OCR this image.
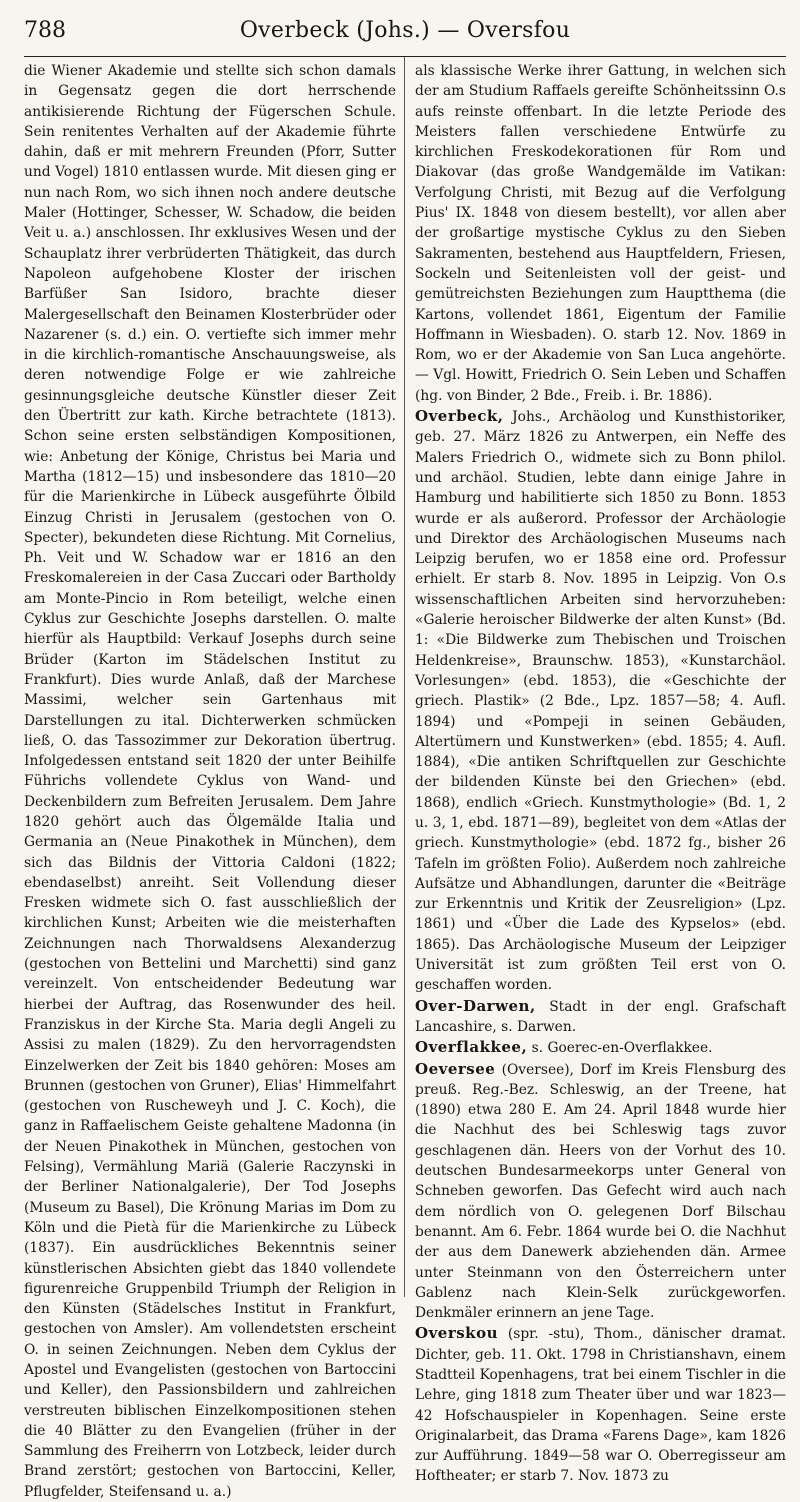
788	Overbeck (Johs.) — Oversfou

die Wiener Akademie und stellte sich schon damals in Gegensatz gegen die dort herrschende antikisierende Richtung der Fügerschen Schule. Sein renitentes Verhalten auf der Akademie führte dahin, daß er mit mehrern Freunden (Pforr, Sutter und Vogel) 1810 entlassen wurde. Mit diesen ging er nun nach Rom, wo sich ihnen noch andere deutsche Maler (Hottinger, Schesser, W. Schadow, die beiden Veit u. a.) anschlossen. Ihr exklusives Wesen und der Schauplatz ihrer verbrüderten Thätigkeit, das durch Napoleon aufgehobene Kloster der irischen Barfüßer San Isidoro, brachte dieser Malergesellschaft den Beinamen Klosterbrüder oder Nazarener (s. d.) ein. O. vertiefte sich immer mehr in die kirchlich-romantische Anschauungsweise, als deren notwendige Folge er wie zahlreiche gesinnungsgleiche deutsche Künstler dieser Zeit den Übertritt zur kath. Kirche betrachtete (1813). Schon seine ersten selbständigen Kompositionen, wie: Anbetung der Könige, Christus bei Maria und Martha (1812—15) und insbesondere das 1810—20 für die Marienkirche in Lübeck ausgeführte Ölbild Einzug Christi in Jerusalem (gestochen von O. Specter), bekundeten diese Richtung. Mit Cornelius, Ph. Veit und W. Schadow war er 1816 an den Freskomalereien in der Casa Zuccari oder Bartholdy am Monte-Pincio in Rom beteiligt, welche einen Cyklus zur Geschichte Josephs darstellen. O. malte hierfür als Hauptbild: Verkauf Josephs durch seine Brüder (Karton im Städelschen Institut zu Frankfurt). Dies wurde Anlaß, daß der Marchese Massimi, welcher sein Gartenhaus mit Darstellungen zu ital. Dichterwerken schmücken ließ, O. das Tassozimmer zur Dekoration übertrug. Infolgedessen entstand seit 1820 der unter Beihilfe Führichs vollendete Cyklus von Wand- und Deckenbildern zum Befreiten Jerusalem. Dem Jahre 1820 gehört auch das Ölgemälde Italia und Germania an (Neue Pinakothek in München), dem sich das Bildnis der Vittoria Caldoni (1822; ebendaselbst) anreiht. Seit Vollendung dieser Fresken widmete sich O. fast ausschließlich der kirchlichen Kunst; Arbeiten wie die meisterhaften Zeichnungen nach Thorwaldsens Alexanderzug (gestochen von Bettelini und Marchetti) sind ganz vereinzelt. Von entscheidender Bedeutung war hierbei der Auftrag, das Rosenwunder des heil. Franziskus in der Kirche Sta. Maria degli Angeli zu Assisi zu malen (1829). Zu den hervorragendsten Einzelwerken der Zeit bis 1840 gehören: Moses am Brunnen (gestochen von Gruner), Elias' Himmelfahrt (gestochen von Ruscheweyh und J. C. Koch), die ganz in Raffaelischem Geiste gehaltene Madonna (in der Neuen Pinakothek in München, gestochen von Felsing), Vermählung Mariä (Galerie Raczynski in der Berliner Nationalgalerie), Der Tod Josephs (Museum zu Basel), Die Krönung Marias im Dom zu Köln und die Pietà für die Marienkirche zu Lübeck (1837). Ein ausdrückliches Bekenntnis seiner künstlerischen Absichten giebt das 1840 vollendete figurenreiche Gruppenbild Triumph der Religion in den Künsten (Städelsches Institut in Frankfurt, gestochen von Amsler). Am vollendetsten erscheint O. in seinen Zeichnungen. Neben dem Cyklus der Apostel und Evangelisten (gestochen von Bartoccini und Keller), den Passionsbildern und zahlreichen verstreuten biblischen Einzelkompositionen stehen die 40 Blätter zu den Evangelien (früher in der Sammlung des Freiherrn von Lotzbeck, leider durch Brand zerstört; gestochen von Bartoccini, Keller, Pflugfelder, Steifensand u. a.)

als klassische Werke ihrer Gattung, in welchen sich der am Studium Raffaels gereifte Schönheitssinn O.s aufs reinste offenbart. In die letzte Periode des Meisters fallen verschiedene Entwürfe zu kirchlichen Freskodekorationen für Rom und Diakovar (das große Wandgemälde im Vatikan: Verfolgung Christi, mit Bezug auf die Verfolgung Pius' IX. 1848 von diesem bestellt), vor allen aber der großartige mystische Cyklus zu den Sieben Sakramenten, bestehend aus Hauptfeldern, Friesen, Sockeln und Seitenleisten voll der geist- und gemütreichsten Beziehungen zum Hauptthema (die Kartons, vollendet 1861, Eigentum der Familie Hoffmann in Wiesbaden). O. starb 12. Nov. 1869 in Rom, wo er der Akademie von San Luca angehörte. — Vgl. Howitt, Friedrich O. Sein Leben und Schaffen (hg. von Binder, 2 Bde., Freib. i. Br. 1886).

Overbeck, Johs., Archäolog und Kunsthistoriker, geb. 27. März 1826 zu Antwerpen, ein Neffe des Malers Friedrich O., widmete sich zu Bonn philol. und archäol. Studien, lebte dann einige Jahre in Hamburg und habilitierte sich 1850 zu Bonn. 1853 wurde er als außerord. Professor der Archäologie und Direktor des Archäologischen Museums nach Leipzig berufen, wo er 1858 eine ord. Professur erhielt. Er starb 8. Nov. 1895 in Leipzig. Von O.s wissenschaftlichen Arbeiten sind hervorzuheben: «Galerie heroischer Bildwerke der alten Kunst» (Bd. 1: «Die Bildwerke zum Thebischen und Troischen Heldenkreise», Braunschw. 1853), «Kunstarchäol. Vorlesungen» (ebd. 1853), die «Geschichte der griech. Plastik» (2 Bde., Lpz. 1857—58; 4. Aufl. 1894) und «Pompeji in seinen Gebäuden, Altertümern und Kunstwerken» (ebd. 1855; 4. Aufl. 1884), «Die antiken Schriftquellen zur Geschichte der bildenden Künste bei den Griechen» (ebd. 1868), endlich «Griech. Kunstmythologie» (Bd. 1, 2 u. 3, 1, ebd. 1871—89), begleitet von dem «Atlas der griech. Kunstmythologie» (ebd. 1872 fg., bisher 26 Tafeln im größten Folio). Außerdem noch zahlreiche Aufsätze und Abhandlungen, darunter die «Beiträge zur Erkenntnis und Kritik der Zeusreligion» (Lpz. 1861) und «Über die Lade des Kypselos» (ebd. 1865). Das Archäologische Museum der Leipziger Universität ist zum größten Teil erst von O. geschaffen worden.

Over-Darwen, Stadt in der engl. Grafschaft Lancashire, s. Darwen.

Overflakkee, s. Goerec-en-Overflakkee.

Oeversee (Oversee), Dorf im Kreis Flensburg des preuß. Reg.-Bez. Schleswig, an der Treene, hat (1890) etwa 280 E. Am 24. April 1848 wurde hier die Nachhut des bei Schleswig tags zuvor geschlagenen dän. Heers von der Vorhut des 10. deutschen Bundesarmeekorps unter General von Schneben geworfen. Das Gefecht wird auch nach dem nördlich von O. gelegenen Dorf Bilschau benannt. Am 6. Febr. 1864 wurde bei O. die Nachhut der aus dem Danewerk abziehenden dän. Armee unter Steinmann von den Österreichern unter Gablenz nach Klein-Selk zurückgeworfen. Denkmäler erinnern an jene Tage.

Overskou (spr. -stu), Thom., dänischer dramat. Dichter, geb. 11. Okt. 1798 in Christianshavn, einem Stadtteil Kopenhagens, trat bei einem Tischler in die Lehre, ging 1818 zum Theater über und war 1823—42 Hofschauspieler in Kopenhagen. Seine erste Originalarbeit, das Drama «Farens Dage», kam 1826 zur Aufführung. 1849—58 war O. Oberregisseur am Hoftheater; er starb 7. Nov. 1873 zu
